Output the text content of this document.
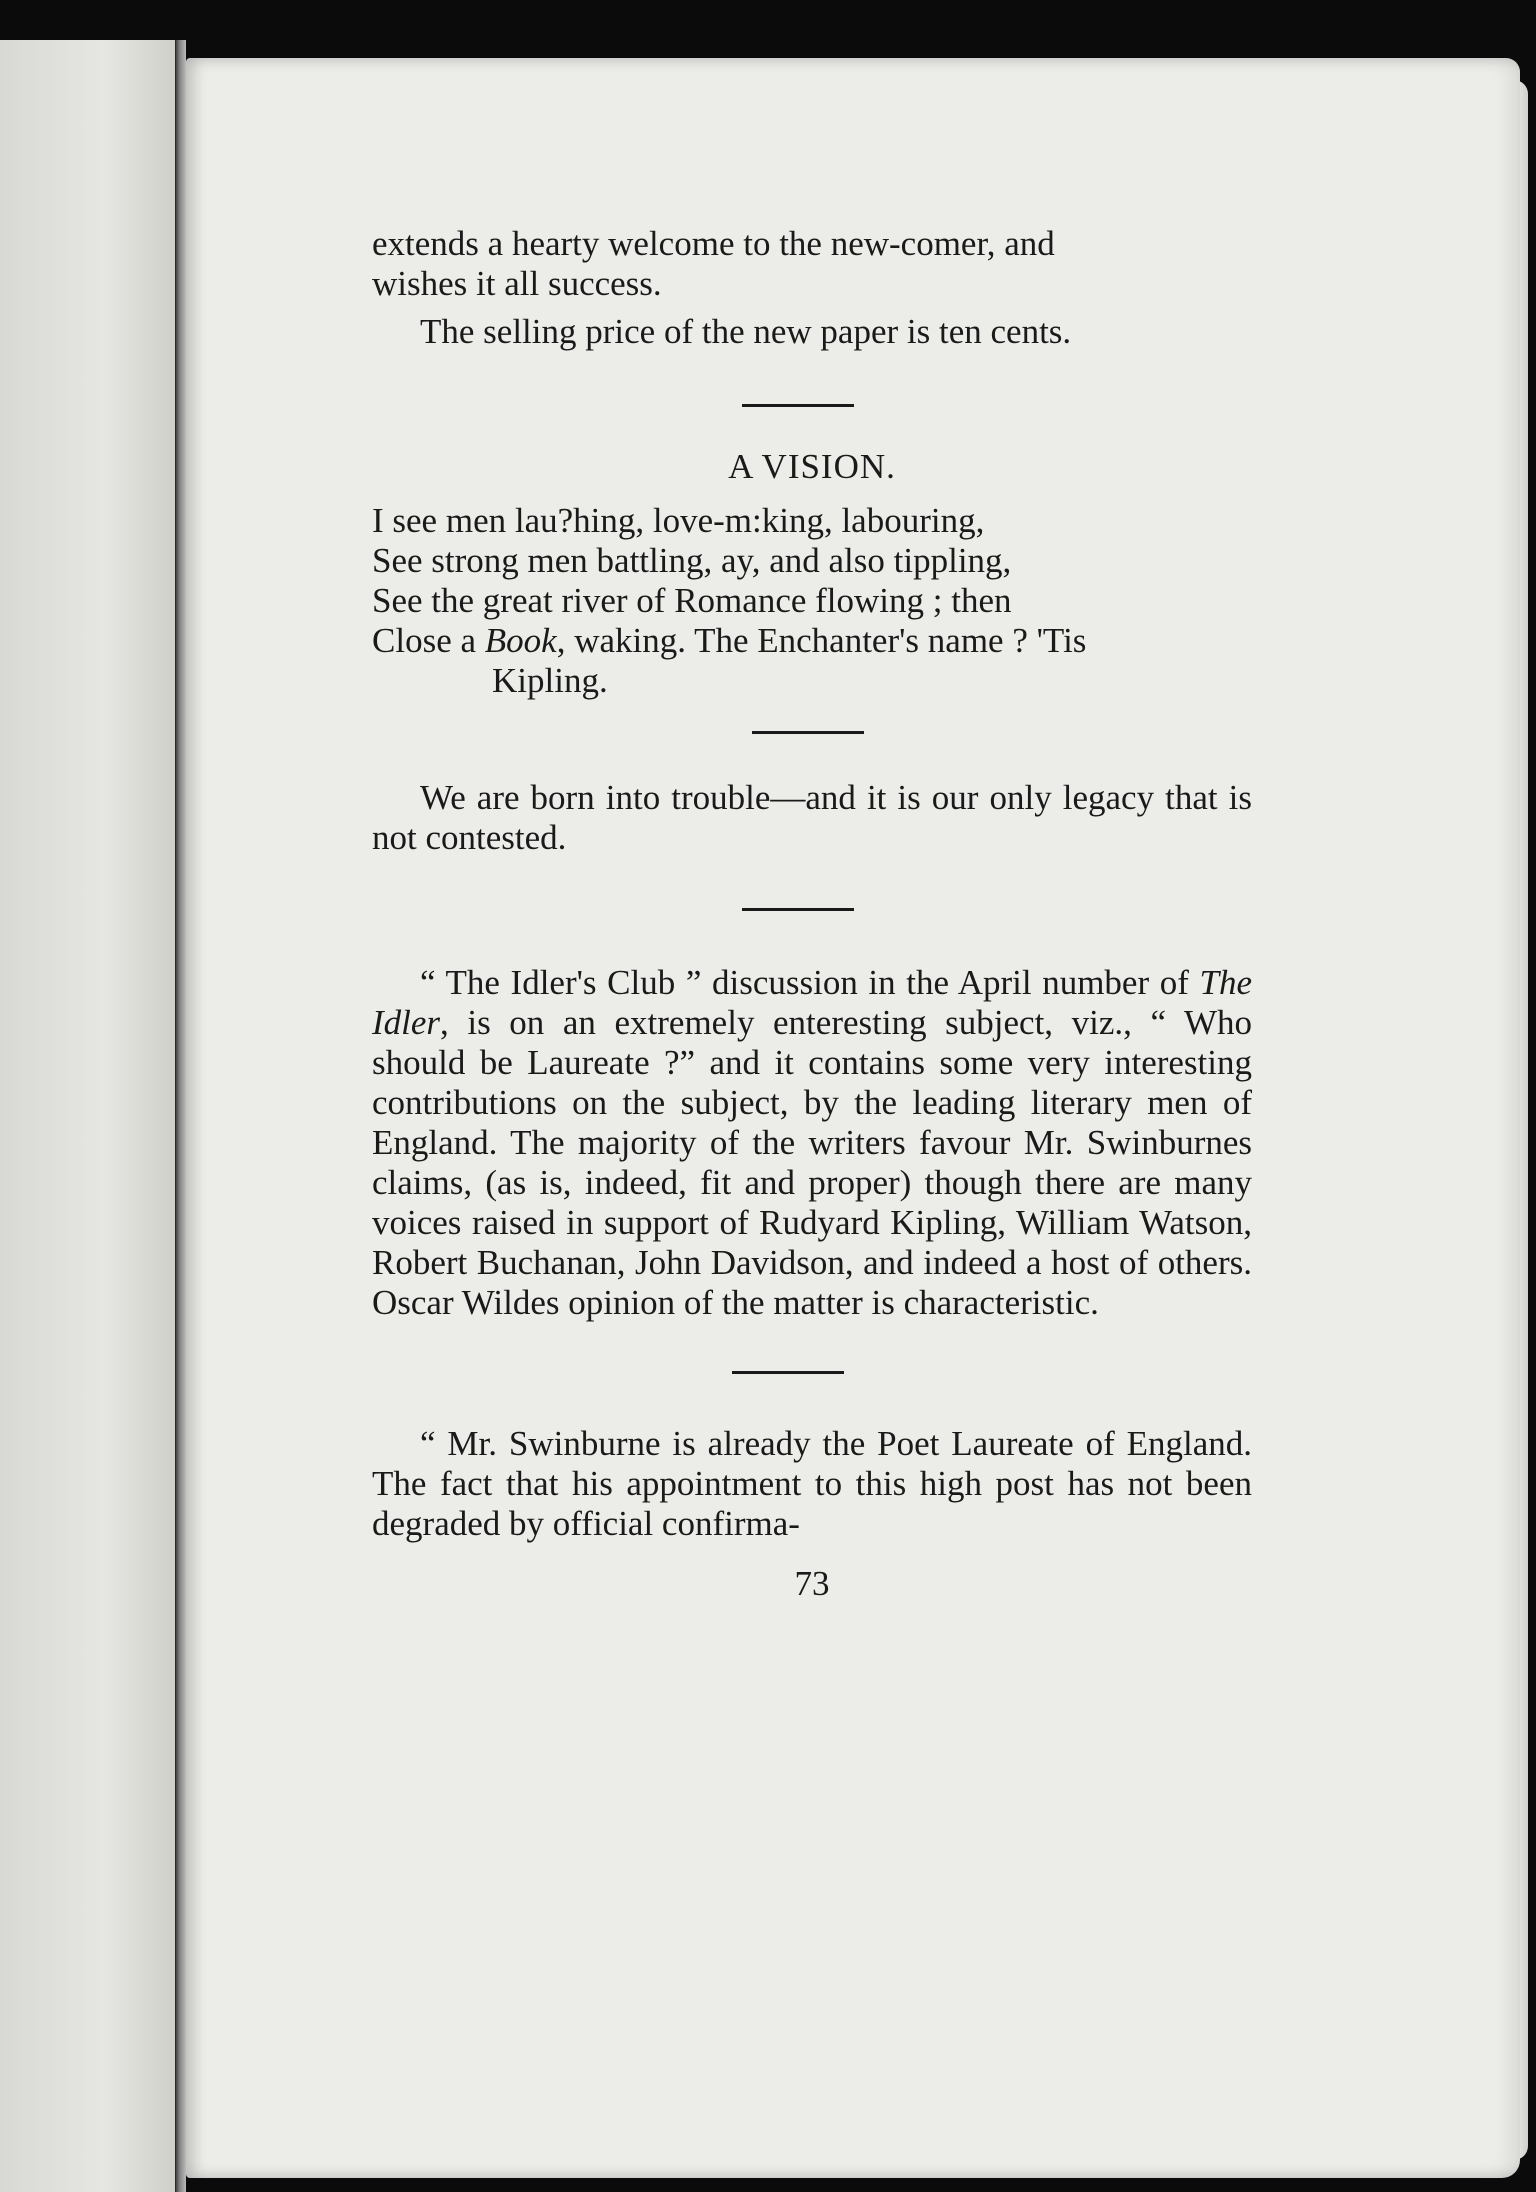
extends a hearty welcome to the new-comer, and

wishes it all success.

The selling price of the new paper is ten cents.

A VISION.

I see men lau?hing, love-m:king, labouring,

See strong men battling, ay, and also tippling,

See the great river of Romance flowing ; then

Close a Book, waking. The Enchanter's name ? 'Tis

Kipling.

We are born into trouble—and it is our only legacy that is not contested.

“ The Idler's Club ” discussion in the April number of The Idler, is on an extremely enteresting subject, viz., “ Who should be Laureate ?” and it contains some very interesting contributions on the subject, by the leading literary men of England. The majority of the writers favour Mr. Swinburnes claims, (as is, indeed, fit and proper) though there are many voices raised in support of Rudyard Kipling, William Watson, Robert Buchanan, John Davidson, and indeed a host of others. Oscar Wildes opinion of the matter is characteristic.

“ Mr. Swinburne is already the Poet Laureate of England. The fact that his appointment to this high post has not been degraded by official confirma-

73
